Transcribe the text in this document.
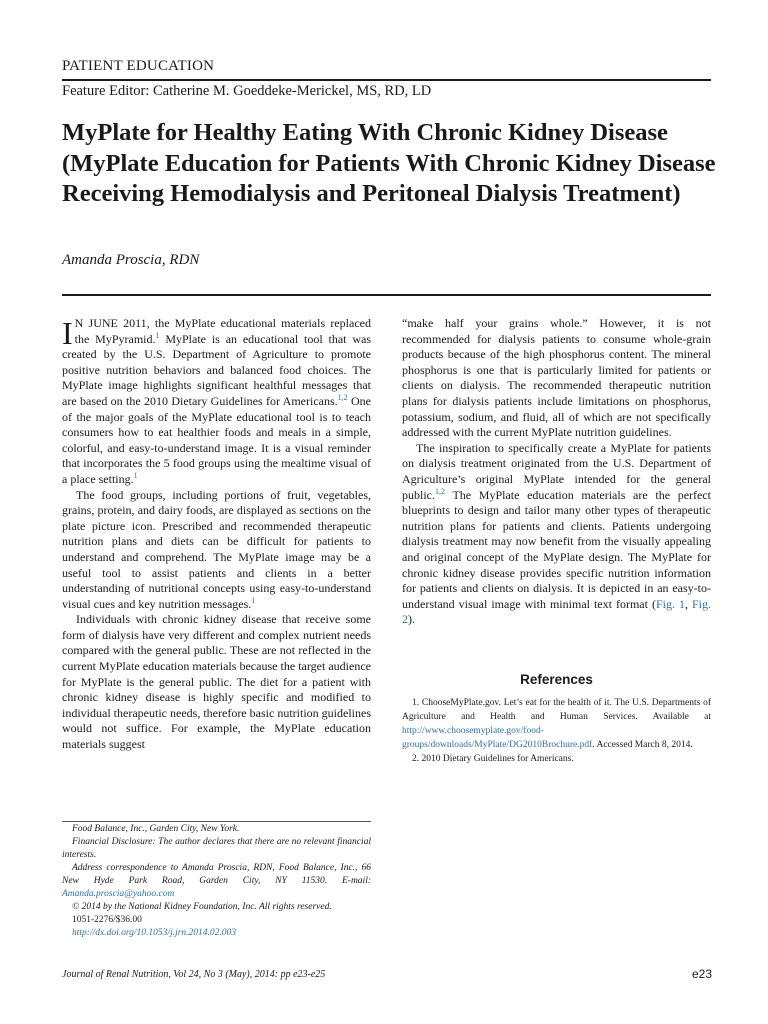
PATIENT EDUCATION
Feature Editor: Catherine M. Goeddeke-Merickel, MS, RD, LD
MyPlate for Healthy Eating With Chronic Kidney Disease (MyPlate Education for Patients With Chronic Kidney Disease Receiving Hemodialysis and Peritoneal Dialysis Treatment)
Amanda Proscia, RDN

I N JUNE 2011, the MyPlate educational materials replaced the MyPyramid.$^1$ MyPlate is an educational tool that was created by the U.S. Department of Agriculture to promote positive nutrition behaviors and balanced food choices. The MyPlate image highlights significant healthful messages that are based on the 2010 Dietary Guidelines for Americans.$^{1,2}$ One of the major goals of the MyPlate educational tool is to teach consumers how to eat healthier foods and meals in a simple, colorful, and easy-to-understand image. It is a visual reminder that incorporates the 5 food groups using the mealtime visual of a place setting.$^1$

The food groups, including portions of fruit, vegetables, grains, protein, and dairy foods, are displayed as sections on the plate picture icon. Prescribed and recommended therapeutic nutrition plans and diets can be difficult for patients to understand and comprehend. The MyPlate image may be a useful tool to assist patients and clients in a better understanding of nutritional concepts using easy-to-understand visual cues and key nutrition messages.$^1$

Individuals with chronic kidney disease that receive some form of dialysis have very different and complex nutrient needs compared with the general public. These are not reflected in the current MyPlate education materials because the target audience for MyPlate is the general public. The diet for a patient with chronic kidney disease is highly specific and modified to individual therapeutic needs, therefore basic nutrition guidelines would not suffice. For example, the MyPlate education materials suggest

“make half your grains whole.” However, it is not recommended for dialysis patients to consume whole-grain products because of the high phosphorus content. The mineral phosphorus is one that is particularly limited for patients or clients on dialysis. The recommended therapeutic nutrition plans for dialysis patients include limitations on phosphorus, potassium, sodium, and fluid, all of which are not specifically addressed with the current MyPlate nutrition guidelines.

The inspiration to specifically create a MyPlate for patients on dialysis treatment originated from the U.S. Department of Agriculture’s original MyPlate intended for the general public.$^{1,2}$ The MyPlate education materials are the perfect blueprints to design and tailor many other types of therapeutic nutrition plans for patients and clients. Patients undergoing dialysis treatment may now benefit from the visually appealing and original concept of the MyPlate design. The MyPlate for chronic kidney disease provides specific nutrition information for patients and clients on dialysis. It is depicted in an easy-to-understand visual image with minimal text format (Fig. 1, Fig. 2).

References

1. ChooseMyPlate.gov. Let’s eat for the health of it. The U.S. Departments of Agriculture and Health and Human Services. Available at http://www.choosemyplate.gov/food-groups/downloads/MyPlate/DG2010Brochure.pdf. Accessed March 8, 2014.

2. 2010 Dietary Guidelines for Americans.

Food Balance, Inc., Garden City, New York.

Financial Disclosure: The author declares that there are no relevant financial interests.

Address correspondence to Amanda Proscia, RDN, Food Balance, Inc., 66 New Hyde Park Road, Garden City, NY 11530. E-mail: Amanda.proscia@yahoo.com

© 2014 by the National Kidney Foundation, Inc. All rights reserved.

1051-2276/$36.00

http://dx.doi.org/10.1053/j.jrn.2014.02.003

Journal of Renal Nutrition, Vol 24, No 3 (May), 2014: pp e23-e25	e23
